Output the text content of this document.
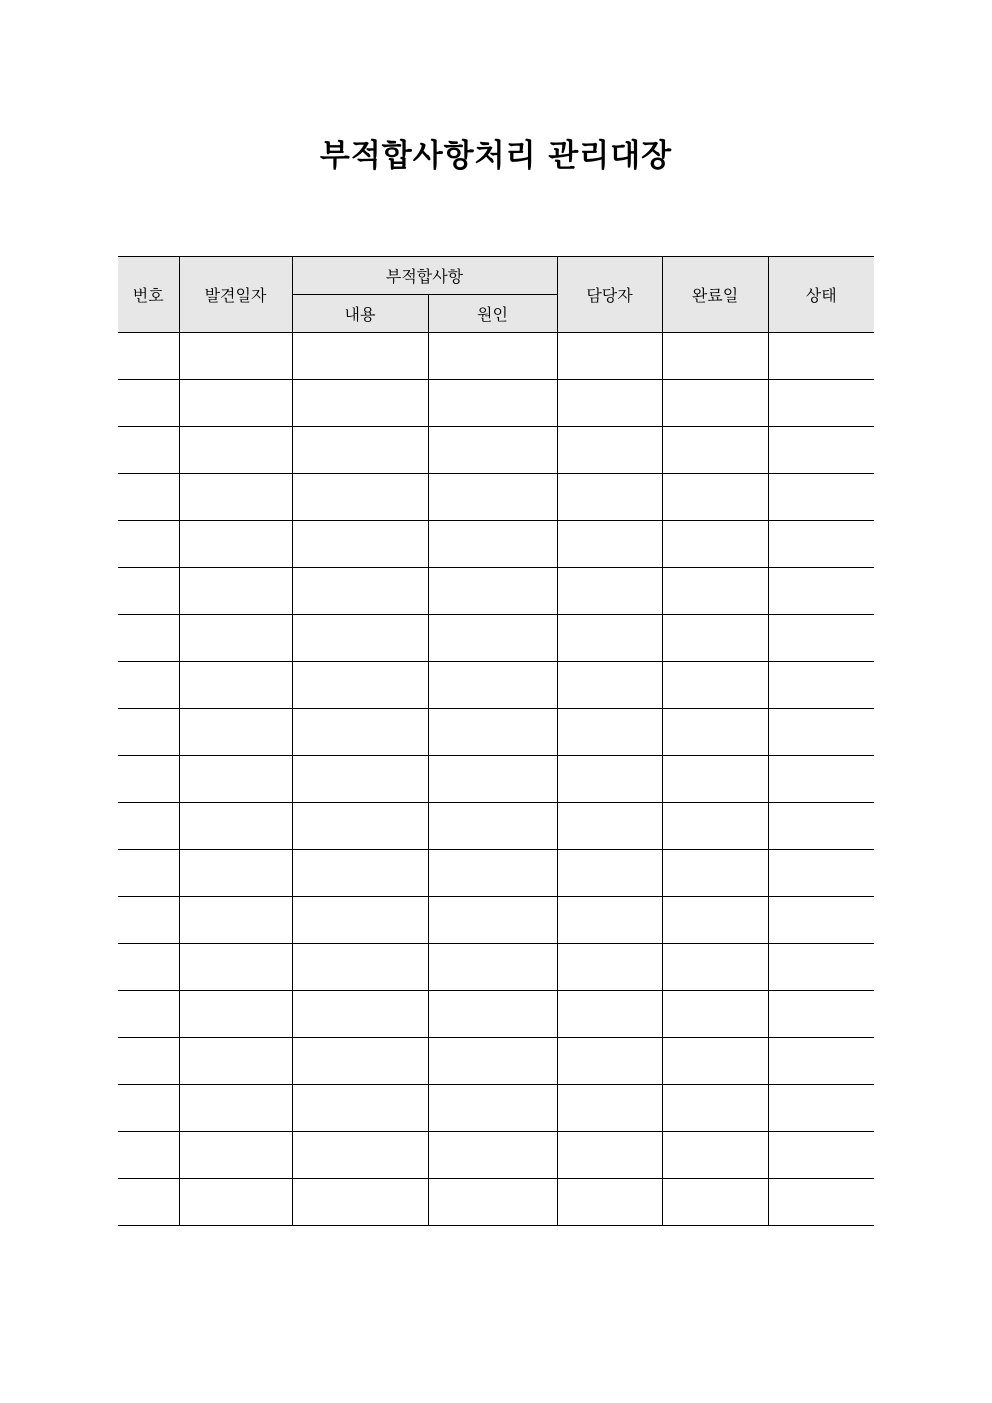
부적합사항처리 관리대장
번호	발견일자	부적합사항		담당자	완료일	상태
		내용	원인			
